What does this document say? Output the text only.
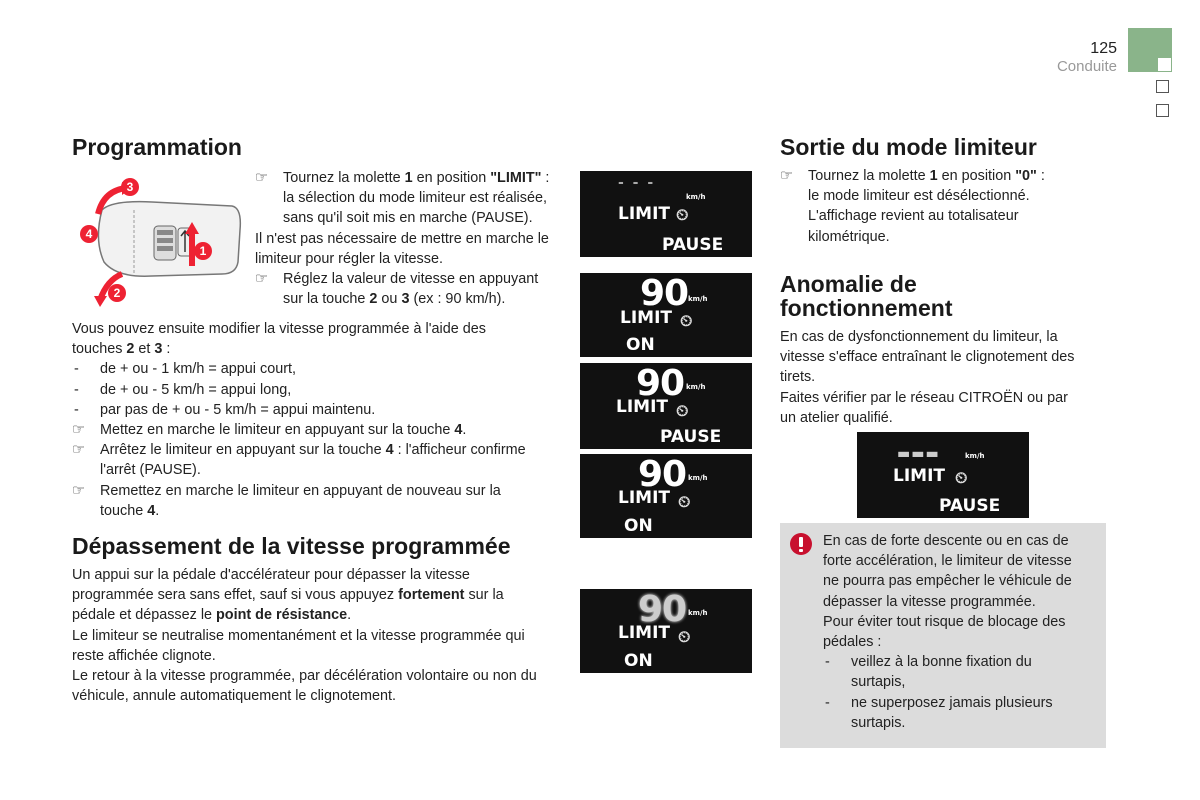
125
Conduite
Programmation
3
4
1
2
☞	Tournez la molette 1 en position "LIMIT" :
la sélection du mode limiteur est réalisée,
sans qu'il soit mis en marche (PAUSE).
Il n'est pas nécessaire de mettre en marche le
limiteur pour régler la vitesse.
☞	Réglez la valeur de vitesse en appuyant
sur la touche 2 ou 3 (ex : 90 km/h).
Vous pouvez ensuite modifier la vitesse programmée à l'aide des
touches 2 et 3 :
-	de + ou - 1 km/h = appui court,
-	de + ou - 5 km/h = appui long,
-	par pas de + ou - 5 km/h = appui maintenu.
☞	Mettez en marche le limiteur en appuyant sur la touche 4.
☞	Arrêtez le limiteur en appuyant sur la touche 4 : l'afficheur confirme
l'arrêt (PAUSE).
☞	Remettez en marche le limiteur en appuyant de nouveau sur la
touche 4.
Dépassement de la vitesse programmée
Un appui sur la pédale d'accélérateur pour dépasser la vitesse
programmée sera sans effet, sauf si vous appuyez fortement sur la
pédale et dépassez le point de résistance.
Le limiteur se neutralise momentanément et la vitesse programmée qui
reste affichée clignote.
Le retour à la vitesse programmée, par décélération volontaire ou non du
véhicule, annule automatiquement le clignotement.
- - -
km/h
LIMIT ⏲
PAUSE
90 km/h
LIMIT ⏲
ON
90 km/h
LIMIT ⏲
PAUSE
90 km/h
LIMIT ⏲
ON
90 km/h
LIMIT ⏲
ON
Sortie du mode limiteur
☞	Tournez la molette 1 en position "0" :
le mode limiteur est désélectionné.
L'affichage revient au totalisateur
kilométrique.
Anomalie de
fonctionnement
En cas de dysfonctionnement du limiteur, la
vitesse s'efface entraînant le clignotement des
tirets.
Faites vérifier par le réseau CITROËN ou par
un atelier qualifié.
▬▬▬	km/h
LIMIT ⏲
PAUSE
En cas de forte descente ou en cas de
forte accélération, le limiteur de vitesse
ne pourra pas empêcher le véhicule de
dépasser la vitesse programmée.
Pour éviter tout risque de blocage des
pédales :
-	veillez à la bonne fixation du
surtapis,
-	ne superposez jamais plusieurs
surtapis.
